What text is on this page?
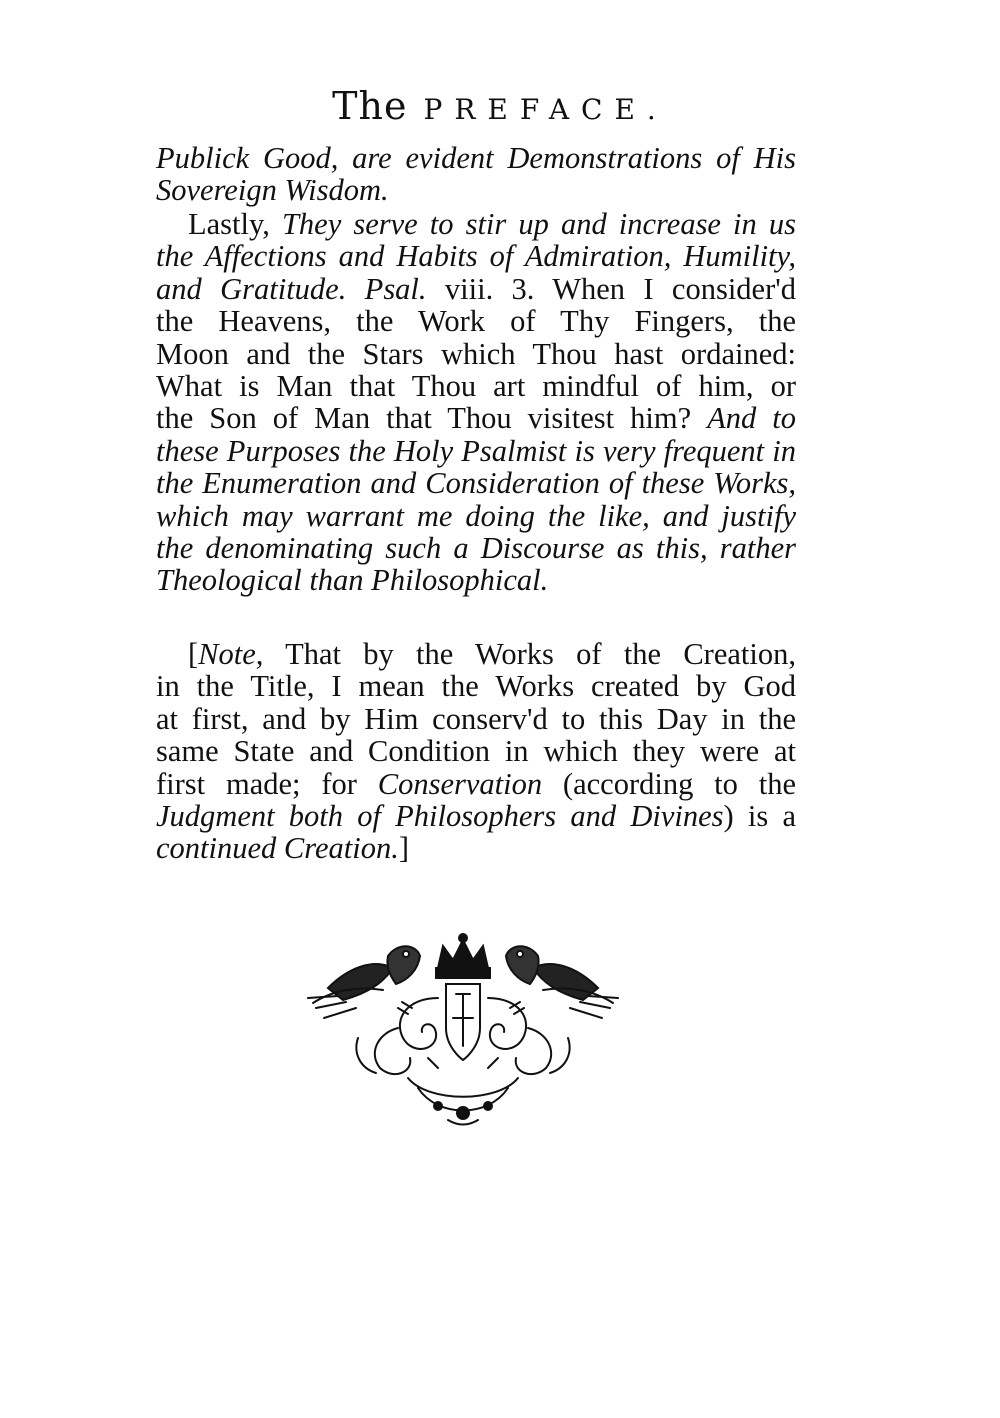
The PREFACE.
Publick Good, are evident Demonstrations of His
Sovereign Wisdom.
Lastly, They serve to stir up and increase in us
the Affections and Habits of Admiration, Humility,
and Gratitude. Psal. viii. 3. When I consider'd
the Heavens, the Work of Thy Fingers, the
Moon and the Stars which Thou hast ordained:
What is Man that Thou art mindful of him, or
the Son of Man that Thou visitest him? And to
these Purposes the Holy Psalmist is very frequent in
the Enumeration and Consideration of these Works,
which may warrant me doing the like, and justify
the denominating such a Discourse as this, rather
Theological than Philosophical.
[Note, That by the Works of the Creation,
in the Title, I mean the Works created by God
at first, and by Him conserv'd to this Day in the
same State and Condition in which they were at
first made; for Conservation (according to the
Judgment both of Philosophers and Divines) is a
continued Creation.]
